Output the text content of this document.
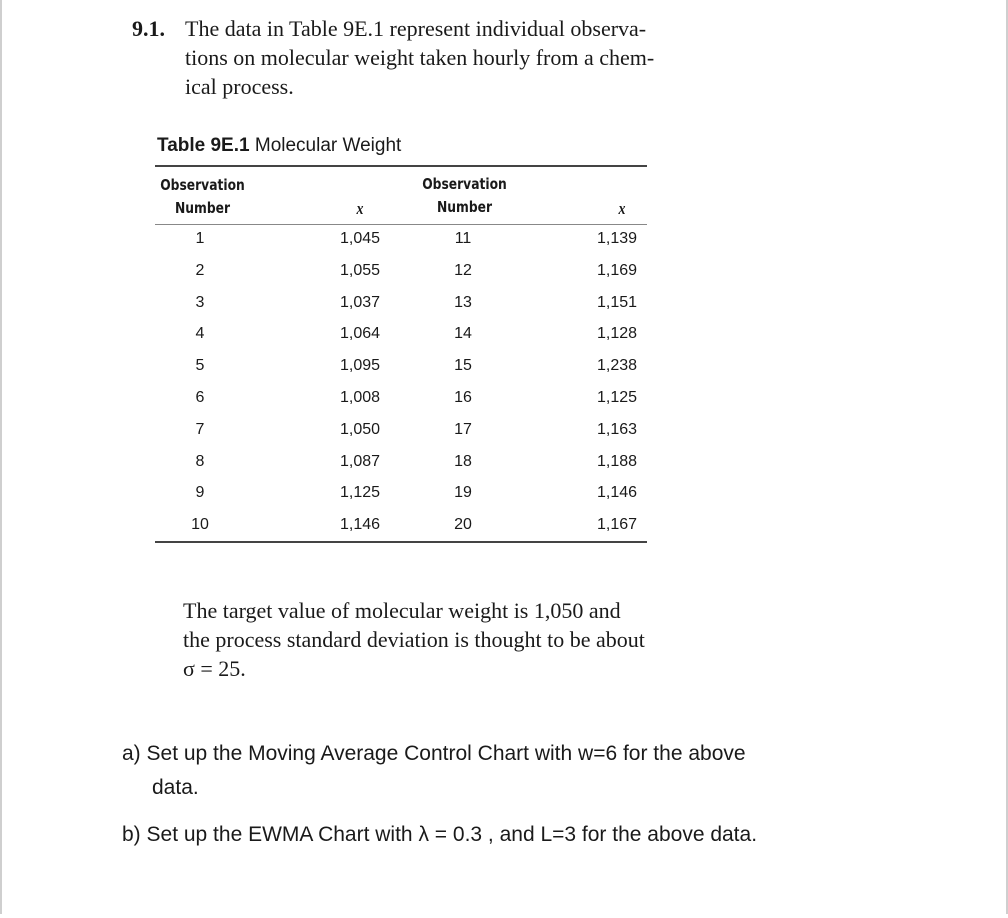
9.1. The data in Table 9E.1 represent individual observa-
tions on molecular weight taken hourly from a chem-
ical process.
Table 9E.1 Molecular Weight
Observation
Number	x
Observation
Number	x
1	1,045	11	1,139
2	1,055	12	1,169
3	1,037	13	1,151
4	1,064	14	1,128
5	1,095	15	1,238
6	1,008	16	1,125
7	1,050	17	1,163
8	1,087	18	1,188
9	1,125	19	1,146
10	1,146	20	1,167
The target value of molecular weight is 1,050 and
the process standard deviation is thought to be about
σ = 25.
a) Set up the Moving Average Control Chart with w=6 for the above
data.
b) Set up the EWMA Chart with λ = 0.3 , and L=3 for the above data.
